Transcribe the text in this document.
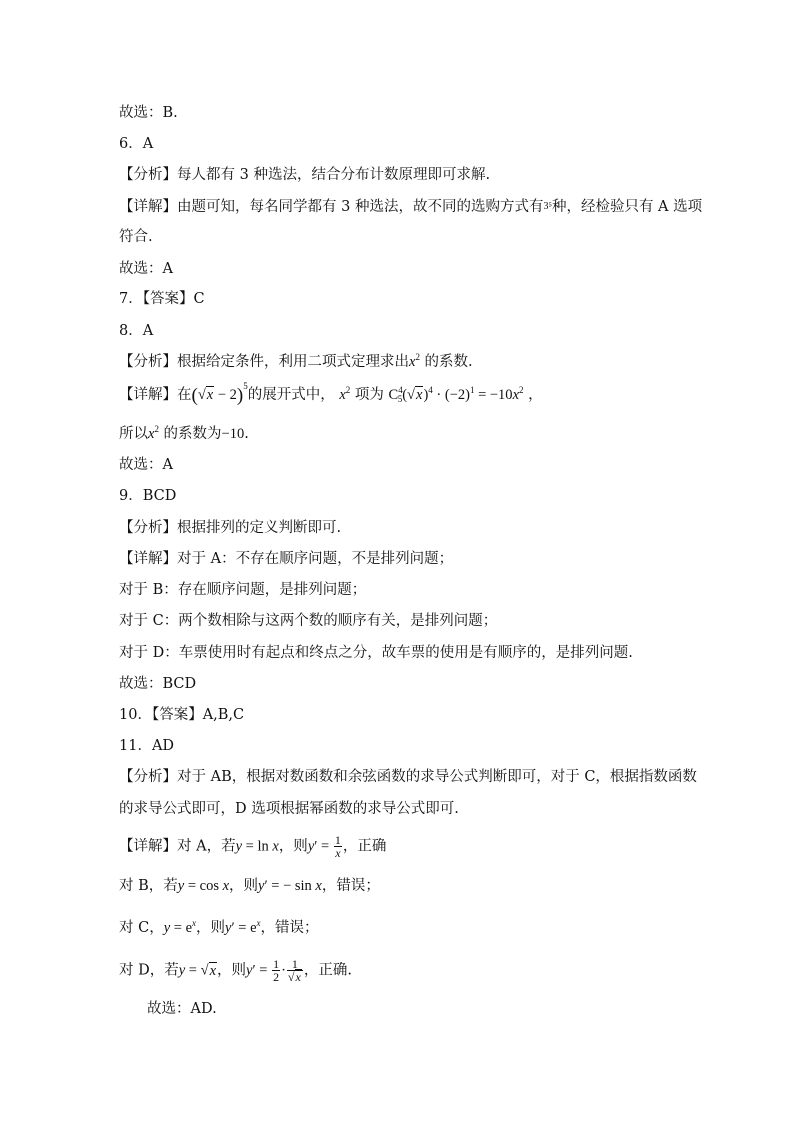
故选：B.
6．A
【分析】每人都有 3 种选法，结合分布计数原理即可求解.
【详解】由题可知，每名同学都有 3 种选法，故不同的选购方式有3⁵种，经检验只有 A 选项
符合.
故选：A
7．【答案】C
8．A
【分析】根据给定条件，利用二项式定理求出$x^2$ 的系数.
【详解】在$(√x - 2)^5$的展开式中， $x^2$ 项为 $C^4_5(√x)^4 \cdot (-2)^1 = -10x^2$ ，
所以$x^2$ 的系数为−10.
故选：A
9．BCD
【分析】根据排列的定义判断即可.
【详解】对于 A：不存在顺序问题，不是排列问题；
对于 B：存在顺序问题，是排列问题；
对于 C：两个数相除与这两个数的顺序有关，是排列问题；
对于 D：车票使用时有起点和终点之分，故车票的使用是有顺序的，是排列问题.
故选：BCD
10．【答案】A,B,C
11．AD
【分析】对于 AB，根据对数函数和余弦函数的求导公式判断即可，对于 C，根据指数函数
的求导公式即可，D 选项根据幂函数的求导公式即可.
【详解】对 A，若y = ln x，则$y' = \frac{1}{x}$ ，正确
对 B，若y = cos x，则y′ = − sin x，错误；
对 C，$y = e^x$，则$y' = e^x$，错误；
对 D，若y = √x，则$y' = \frac{1}{2} \cdot \frac{1}{√x}$ ，正确.
故选：AD.
